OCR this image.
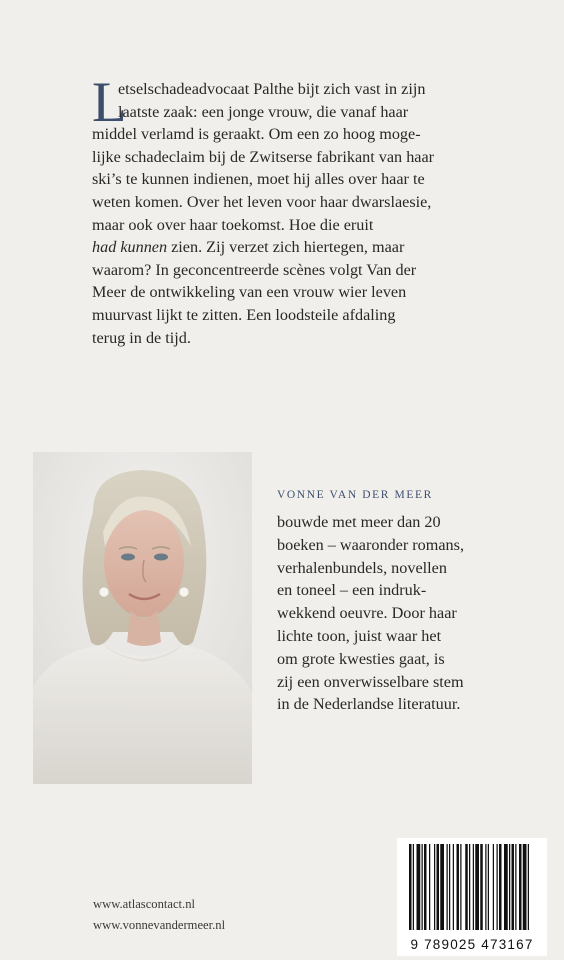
L
etselschadeadvocaat Palthe bijt zich vast in zijn
laatste zaak: een jonge vrouw, die vanaf haar
middel verlamd is geraakt. Om een zo hoog moge-
lijke schadeclaim bij de Zwitserse fabrikant van haar
ski’s te kunnen indienen, moet hij alles over haar te
weten komen. Over het leven voor haar dwarslaesie,
maar ook over haar toekomst. Hoe die eruit
had kunnen zien. Zij verzet zich hiertegen, maar
waarom? In geconcentreerde scènes volgt Van der
Meer de ontwikkeling van een vrouw wier leven
muurvast lijkt te zitten. Een loodsteile afdaling
terug in de tijd.
VONNE VAN DER MEER
bouwde met meer dan 20
boeken – waaronder romans,
verhalenbundels, novellen
en toneel – een indruk-
wekkend oeuvre. Door haar
lichte toon, juist waar het
om grote kwesties gaat, is
zij een onverwisselbare stem
in de Nederlandse literatuur.
www.atlascontact.nl
www.vonnevandermeer.nl
9 789025 473167
